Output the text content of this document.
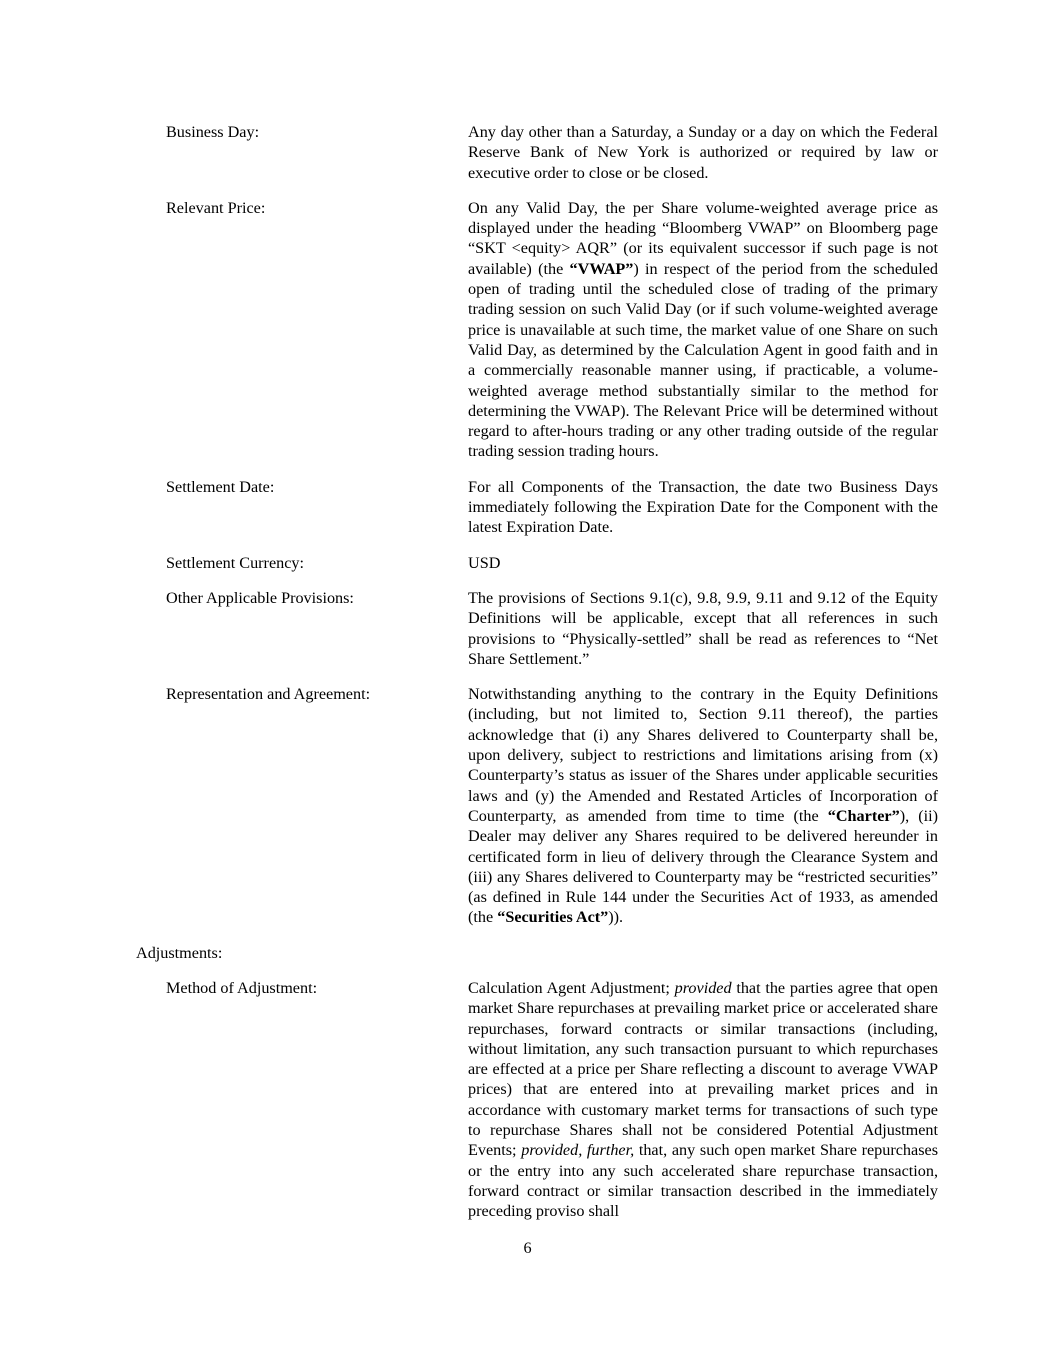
Business Day:	Any day other than a Saturday, a Sunday or a day on which the Federal Reserve Bank of New York is authorized or required by law or executive order to close or be closed.
Relevant Price:	On any Valid Day, the per Share volume-weighted average price as displayed under the heading “Bloomberg VWAP” on Bloomberg page “SKT <equity> AQR” (or its equivalent successor if such page is not available) (the “VWAP”) in respect of the period from the scheduled open of trading until the scheduled close of trading of the primary trading session on such Valid Day (or if such volume-weighted average price is unavailable at such time, the market value of one Share on such Valid Day, as determined by the Calculation Agent in good faith and in a commercially reasonable manner using, if practicable, a volume-weighted average method substantially similar to the method for determining the VWAP). The Relevant Price will be determined without regard to after-hours trading or any other trading outside of the regular trading session trading hours.
Settlement Date:	For all Components of the Transaction, the date two Business Days immediately following the Expiration Date for the Component with the latest Expiration Date.
Settlement Currency:	USD
Other Applicable Provisions:	The provisions of Sections 9.1(c), 9.8, 9.9, 9.11 and 9.12 of the Equity Definitions will be applicable, except that all references in such provisions to “Physically-settled” shall be read as references to “Net Share Settlement.”
Representation and Agreement:	Notwithstanding anything to the contrary in the Equity Definitions (including, but not limited to, Section 9.11 thereof), the parties acknowledge that (i) any Shares delivered to Counterparty shall be, upon delivery, subject to restrictions and limitations arising from (x) Counterparty’s status as issuer of the Shares under applicable securities laws and (y) the Amended and Restated Articles of Incorporation of Counterparty, as amended from time to time (the “Charter”), (ii) Dealer may deliver any Shares required to be delivered hereunder in certificated form in lieu of delivery through the Clearance System and (iii) any Shares delivered to Counterparty may be “restricted securities” (as defined in Rule 144 under the Securities Act of 1933, as amended (the “Securities Act”)).
Adjustments:
Method of Adjustment:	Calculation Agent Adjustment; provided that the parties agree that open market Share repurchases at prevailing market price or accelerated share repurchases, forward contracts or similar transactions (including, without limitation, any such transaction pursuant to which repurchases are effected at a price per Share reflecting a discount to average VWAP prices) that are entered into at prevailing market prices and in accordance with customary market terms for transactions of such type to repurchase Shares shall not be considered Potential Adjustment Events; provided, further, that, any such open market Share repurchases or the entry into any such accelerated share repurchase transaction, forward contract or similar transaction described in the immediately preceding proviso shall
6
